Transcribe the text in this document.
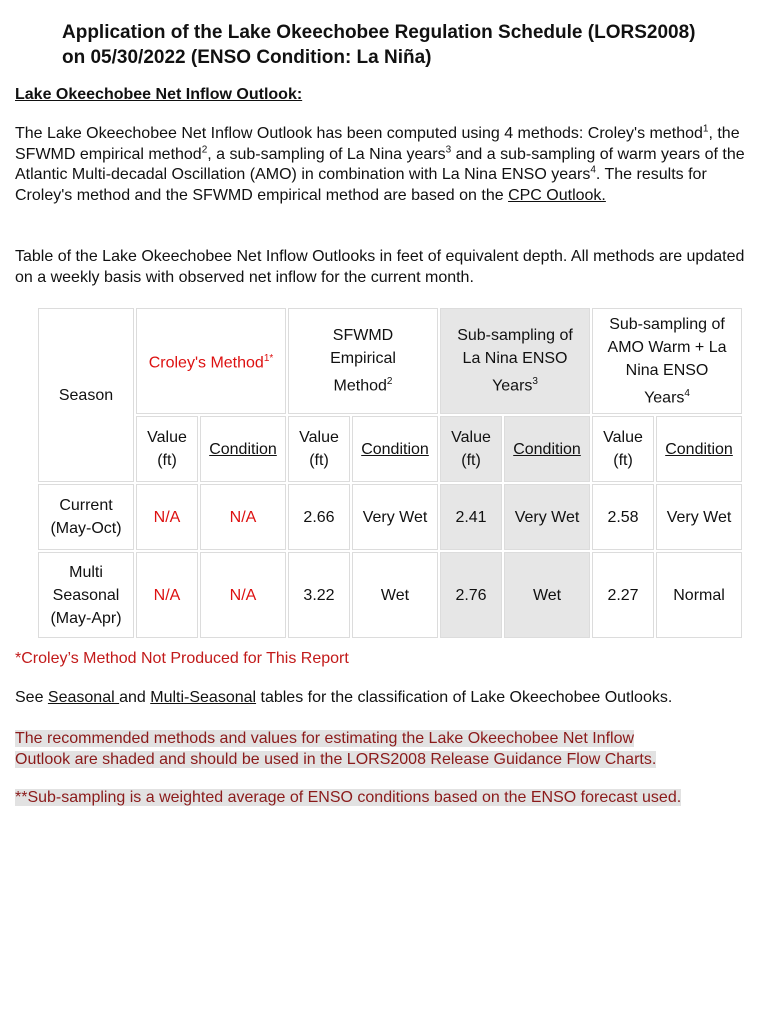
Application of the Lake Okeechobee Regulation Schedule (LORS2008)
on 05/30/2022 (ENSO Condition: La Niña)
Lake Okeechobee Net Inflow Outlook:

The Lake Okeechobee Net Inflow Outlook has been computed using 4 methods: Croley's method$^1$, the SFWMD empirical method$^2$, a sub-sampling of La Nina years$^3$ and a sub-sampling of warm years of the Atlantic Multi-decadal Oscillation (AMO) in combination with La Nina ENSO years$^4$. The results for Croley's method and the SFWMD empirical method are based on the CPC Outlook.

Table of the Lake Okeechobee Net Inflow Outlooks in feet of equivalent depth. All methods are updated on a weekly basis with observed net inflow for the current month.

Season	Croley's Method$^{1*}$		SFWMD
Empirical
Method$^2$		Sub-sampling of
La Nina ENSO
Years$^3$		Sub-sampling of
AMO Warm + La
Nina ENSO
Years$^4$
	Value
(ft)	Condition	Value
(ft)	Condition	Value
(ft)	Condition	Value
(ft)	Condition
Current
(May-Oct)	N/A	N/A	2.66	Very Wet	2.41	Very Wet	2.58	Very Wet
Multi
Seasonal
(May-Apr)	N/A	N/A	3.22	Wet	2.76	Wet	2.27	Normal

*Croley’s Method Not Produced for This Report

See Seasonal and Multi-Seasonal tables for the classification of Lake Okeechobee Outlooks.

The recommended methods and values for estimating the Lake Okeechobee Net Inflow
Outlook are shaded and should be used in the LORS2008 Release Guidance Flow Charts.

**Sub-sampling is a weighted average of ENSO conditions based on the ENSO forecast used.
